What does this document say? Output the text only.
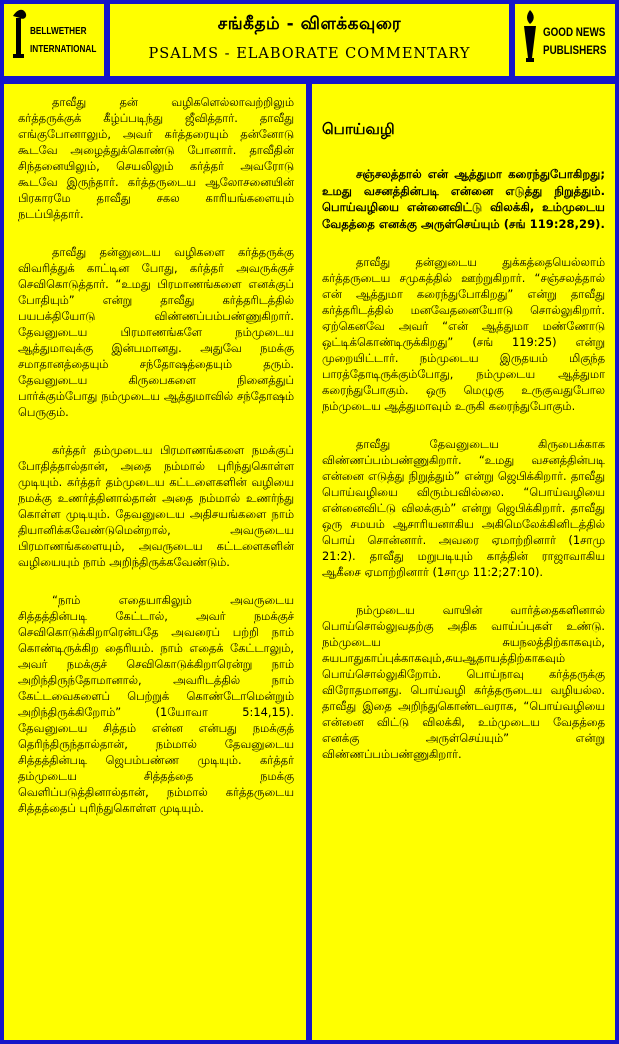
BELLWETHER
INTERNATIONAL
சங்கீதம் - விளக்கவுரை
PSALMS - ELABORATE COMMENTARY
GOOD NEWS
PUBLISHERS

தாவீது தன் வழிகளெல்லாவற்றிலும் கர்த்தருக்குக் கீழ்ப்படிந்து ஜீவித்தார். தாவீது எங்குபோனாலும், அவர் கர்த்தரையும் தன்னோடு கூடவே அழைத்துக்கொண்டு போனார். தாவீதின் சிந்தனையிலும், செயலிலும் கர்த்தர் அவரோடு கூடவே இருந்தார். கர்த்தருடைய ஆலோசனையின் பிரகாரமே தாவீது சகல காரியங்களையும் நடப்பித்தார்.

தாவீது தன்னுடைய வழிகளை கர்த்தருக்கு விவரித்துக் காட்டின போது, கர்த்தர் அவருக்குச் செவிகொடுத்தார். “உமது பிரமாணங்களை எனக்குப் போதியும்” என்று தாவீது கர்த்தரிடத்தில் பயபக்தியோடு விண்ணப்பம்பண்ணுகிறார். தேவனுடைய பிரமாணங்களே நம்முடைய ஆத்துமாவுக்கு இன்பமானது. அதுவே நமக்கு சமாதானத்தையும் சந்தோஷத்தையும் தரும். தேவனுடைய கிருபைகளை நினைத்துப் பார்க்கும்போது நம்முடைய ஆத்துமாவில் சந்தோஷம் பெருகும்.

கர்த்தர் தம்முடைய பிரமாணங்களை நமக்குப் போதித்தால்தான், அதை நம்மால் புரிந்துகொள்ள முடியும். கர்த்தர் தம்முடைய கட்டளைகளின் வழியை நமக்கு உணர்த்தினால்தான் அதை நம்மால் உணர்ந்து கொள்ள முடியும். தேவனுடைய அதிசயங்களை நாம் தியானிக்கவேண்டுமென்றால், அவருடைய பிரமாணங்களையும், அவருடைய கட்டளைகளின் வழியையும் நாம் அறிந்திருக்கவேண்டும்.

“நாம் எதையாகிலும் அவருடைய சித்தத்தின்படி கேட்டால், அவர் நமக்குச் செவிகொடுக்கிறாரென்பதே அவரைப் பற்றி நாம் கொண்டிருக்கிற தைரியம். நாம் எதைக் கேட்டாலும், அவர் நமக்குச் செவிகொடுக்கிறாரென்று நாம் அறிந்திருந்தோமானால், அவரிடத்தில் நாம் கேட்டவைகளைப் பெற்றுக் கொண்டோமென்றும் அறிந்திருக்கிறோம்” (1யோவா 5:14,15). தேவனுடைய சித்தம் என்ன என்பது நமக்குத் தெரிந்திருந்தால்தான், நம்மால் தேவனுடைய சித்தத்தின்படி ஜெபம்பண்ண முடியும். கர்த்தர் தம்முடைய சித்தத்தை நமக்கு வெளிப்படுத்தினால்தான், நம்மால் கர்த்தருடைய சித்தத்தைப் புரிந்துகொள்ள முடியும்.

பொய்வழி
சஞ்சலத்தால் என் ஆத்துமா கரைந்துபோகிறது; உமது வசனத்தின்படி என்னை எடுத்து நிறுத்தும். பொய்வழியை என்னைவிட்டு விலக்கி, உம்முடைய வேதத்தை எனக்கு அருள்செய்யும் (சங் 119:28,29).

தாவீது தன்னுடைய துக்கத்தையெல்லாம் கர்த்தருடைய சமுகத்தில் ஊற்றுகிறார். “சஞ்சலத்தால் என் ஆத்துமா கரைந்துபோகிறது” என்று தாவீது கர்த்தரிடத்தில் மனவேதனையோடு சொல்லுகிறார். ஏற்கெனவே அவர் “என் ஆத்துமா மண்ணோடு ஒட்டிக்கொண்டிருக்கிறது” (சங் 119:25) என்று முறையிட்டார். நம்முடைய இருதயம் மிகுந்த பாரத்தோடிருக்கும்போது, நம்முடைய ஆத்துமா கரைந்துபோகும். ஒரு மெழுகு உருகுவதுபோல நம்முடைய ஆத்துமாவும் உருகி கரைந்துபோகும்.

தாவீது தேவனுடைய கிருபைக்காக விண்ணப்பம்பண்ணுகிறார். “உமது வசனத்தின்படி என்னை எடுத்து நிறுத்தும்” என்று ஜெபிக்கிறார். தாவீது பொய்வழியை விரும்பவில்லை. “பொய்வழியை என்னைவிட்டு விலக்கும்” என்று ஜெபிக்கிறார். தாவீது ஒரு சமயம் ஆசாரியனாகிய அகிமெலேக்கினிடத்தில் பொய் சொன்னார். அவரை ஏமாற்றினார் (1சாமு 21:2). தாவீது மறுபடியும் காத்தின் ராஜாவாகிய ஆகீசை ஏமாற்றினார் (1சாமு 11:2;27:10).

நம்முடைய வாயின் வார்த்தைகளினால் பொய்சொல்லுவதற்கு அதிக வாய்ப்புகள் உண்டு. நம்முடைய சுயநலத்திற்காகவும், சுயபாதுகாப்புக்காகவும்,சுயஆதாயத்திற்காகவும் பொய்சொல்லுகிறோம். பொய்நாவு கர்த்தருக்கு விரோதமானது. பொய்வழி கர்த்தருடைய வழியல்ல. தாவீது இதை அறிந்துகொண்டவராக, “பொய்வழியை என்னை விட்டு விலக்கி, உம்முடைய வேதத்தை எனக்கு அருள்செய்யும்” என்று விண்ணப்பம்பண்ணுகிறார்.
